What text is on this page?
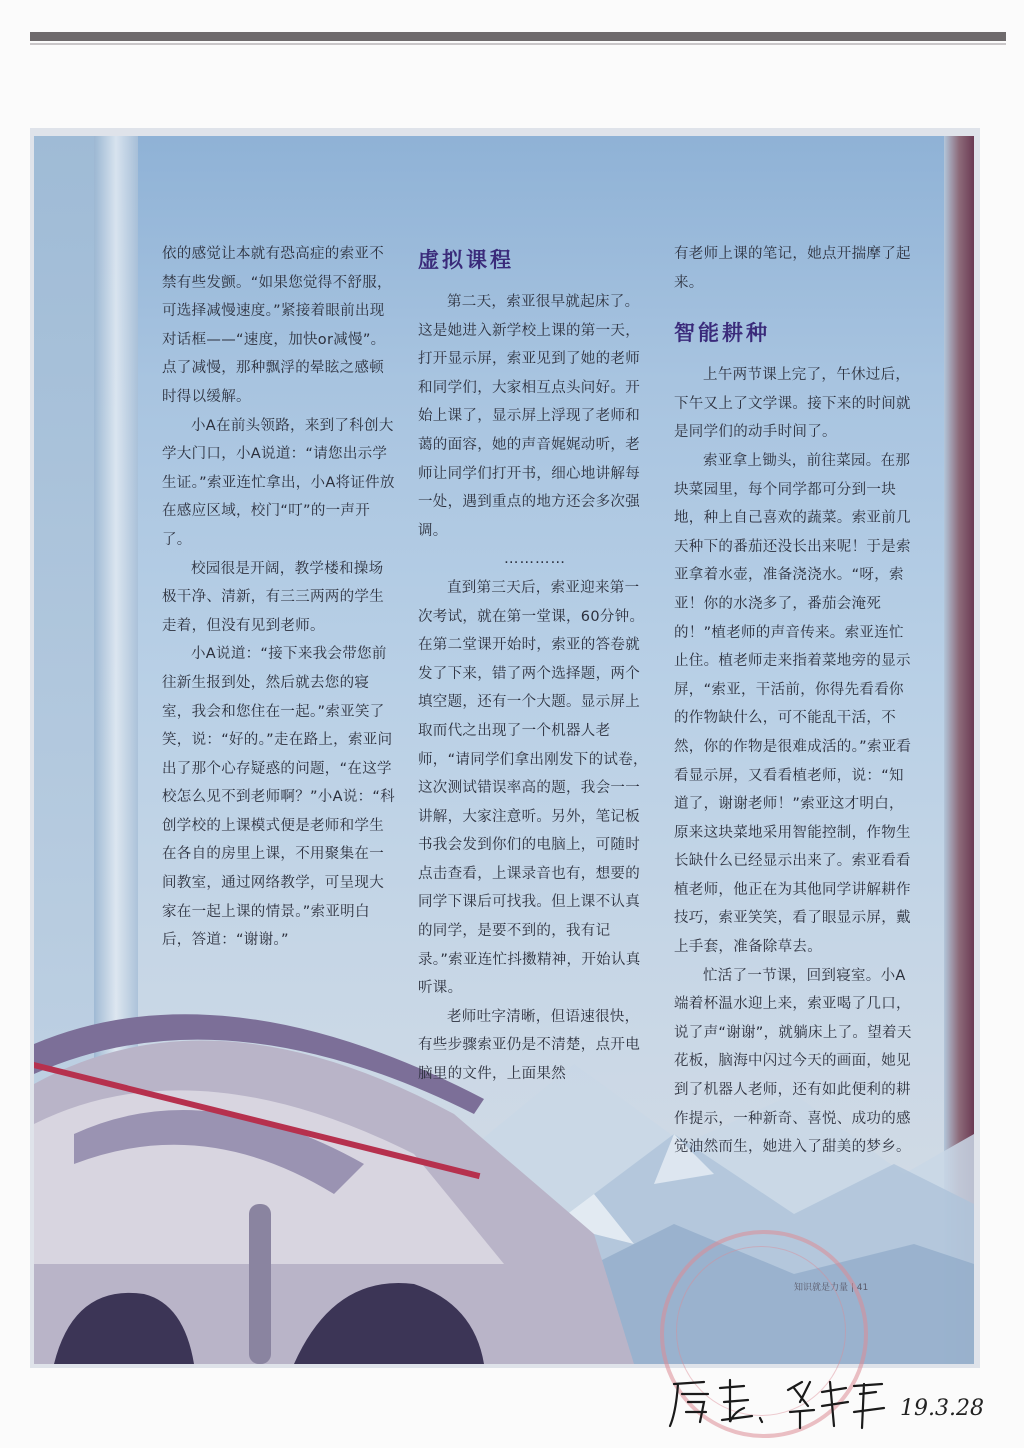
依的感觉让本就有恐高症的索亚不禁有些发颤。“如果您觉得不舒服，可选择减慢速度。”紧接着眼前出现对话框——“速度，加快or减慢”。点了减慢，那种飘浮的晕眩之感顿时得以缓解。

小A在前头领路，来到了科创大学大门口，小A说道：“请您出示学生证。”索亚连忙拿出，小A将证件放在感应区域，校门“叮”的一声开了。

校园很是开阔，教学楼和操场极干净、清新，有三三两两的学生走着，但没有见到老师。

小A说道：“接下来我会带您前往新生报到处，然后就去您的寝室，我会和您住在一起。”索亚笑了笑，说：“好的。”走在路上，索亚问出了那个心存疑惑的问题，“在这学校怎么见不到老师啊？”小A说：“科创学校的上课模式便是老师和学生在各自的房里上课，不用聚集在一间教室，通过网络教学，可呈现大家在一起上课的情景。”索亚明白后，答道：“谢谢。”

虚拟课程

第二天，索亚很早就起床了。这是她进入新学校上课的第一天，打开显示屏，索亚见到了她的老师和同学们，大家相互点头问好。开始上课了，显示屏上浮现了老师和蔼的面容，她的声音娓娓动听，老师让同学们打开书，细心地讲解每一处，遇到重点的地方还会多次强调。

…………

直到第三天后，索亚迎来第一次考试，就在第一堂课，60分钟。在第二堂课开始时，索亚的答卷就发了下来，错了两个选择题，两个填空题，还有一个大题。显示屏上取而代之出现了一个机器人老师，“请同学们拿出刚发下的试卷，这次测试错误率高的题，我会一一讲解，大家注意听。另外，笔记板书我会发到你们的电脑上，可随时点击查看，上课录音也有，想要的同学下课后可找我。但上课不认真的同学，是要不到的，我有记录。”索亚连忙抖擞精神，开始认真听课。

老师吐字清晰，但语速很快，有些步骤索亚仍是不清楚，点开电脑里的文件，上面果然

有老师上课的笔记，她点开揣摩了起来。

智能耕种

上午两节课上完了，午休过后，下午又上了文学课。接下来的时间就是同学们的动手时间了。

索亚拿上锄头，前往菜园。在那块菜园里，每个同学都可分到一块地，种上自己喜欢的蔬菜。索亚前几天种下的番茄还没长出来呢！于是索亚拿着水壶，准备浇浇水。“呀，索亚！你的水浇多了，番茄会淹死的！”植老师的声音传来。索亚连忙止住。植老师走来指着菜地旁的显示屏，“索亚，干活前，你得先看看你的作物缺什么，可不能乱干活，不然，你的作物是很难成活的。”索亚看看显示屏，又看看植老师，说：“知道了，谢谢老师！”索亚这才明白，原来这块菜地采用智能控制，作物生长缺什么已经显示出来了。索亚看看植老师，他正在为其他同学讲解耕作技巧，索亚笑笑，看了眼显示屏，戴上手套，准备除草去。

忙活了一节课，回到寝室。小A端着杯温水迎上来，索亚喝了几口，说了声“谢谢”，就躺床上了。望着天花板，脑海中闪过今天的画面，她见到了机器人老师，还有如此便利的耕作提示，一种新奇、喜悦、成功的感觉油然而生，她进入了甜美的梦乡。

知识就是力量 | 41
19.3.28
